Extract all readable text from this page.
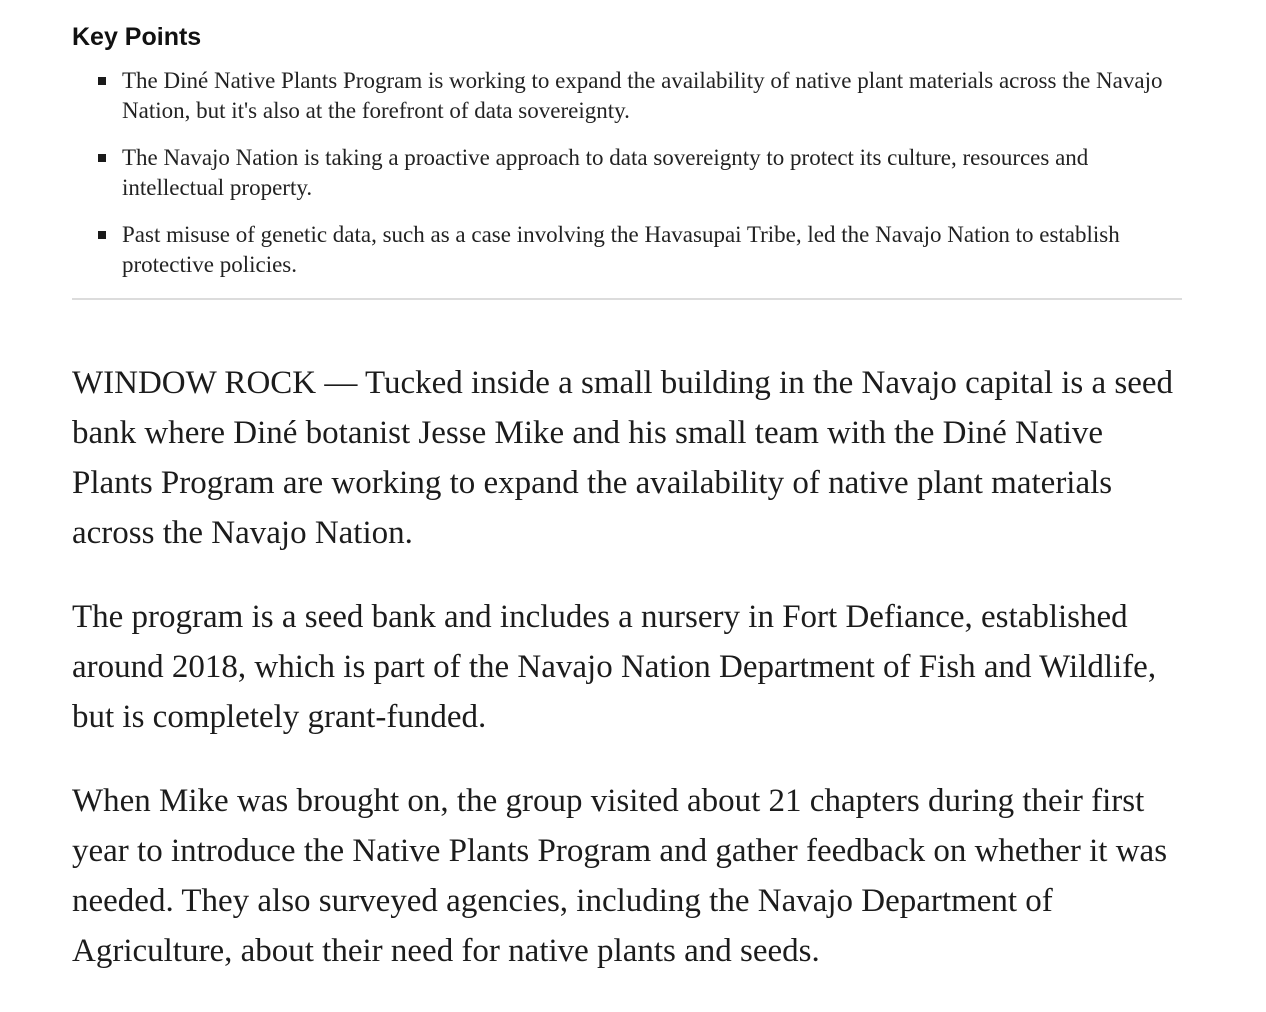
Key Points
The Diné Native Plants Program is working to expand the availability of native plant materials across the Navajo Nation, but it's also at the forefront of data sovereignty.
The Navajo Nation is taking a proactive approach to data sovereignty to protect its culture, resources and intellectual property.
Past misuse of genetic data, such as a case involving the Havasupai Tribe, led the Navajo Nation to establish protective policies.

WINDOW ROCK — Tucked inside a small building in the Navajo capital is a seed bank where Diné botanist Jesse Mike and his small team with the Diné Native Plants Program are working to expand the availability of native plant materials across the Navajo Nation.

The program is a seed bank and includes a nursery in Fort Defiance, established around 2018, which is part of the Navajo Nation Department of Fish and Wildlife, but is completely grant-funded.

When Mike was brought on, the group visited about 21 chapters during their first year to introduce the Native Plants Program and gather feedback on whether it was needed. They also surveyed agencies, including the Navajo Department of Agriculture, about their need for native plants and seeds.
